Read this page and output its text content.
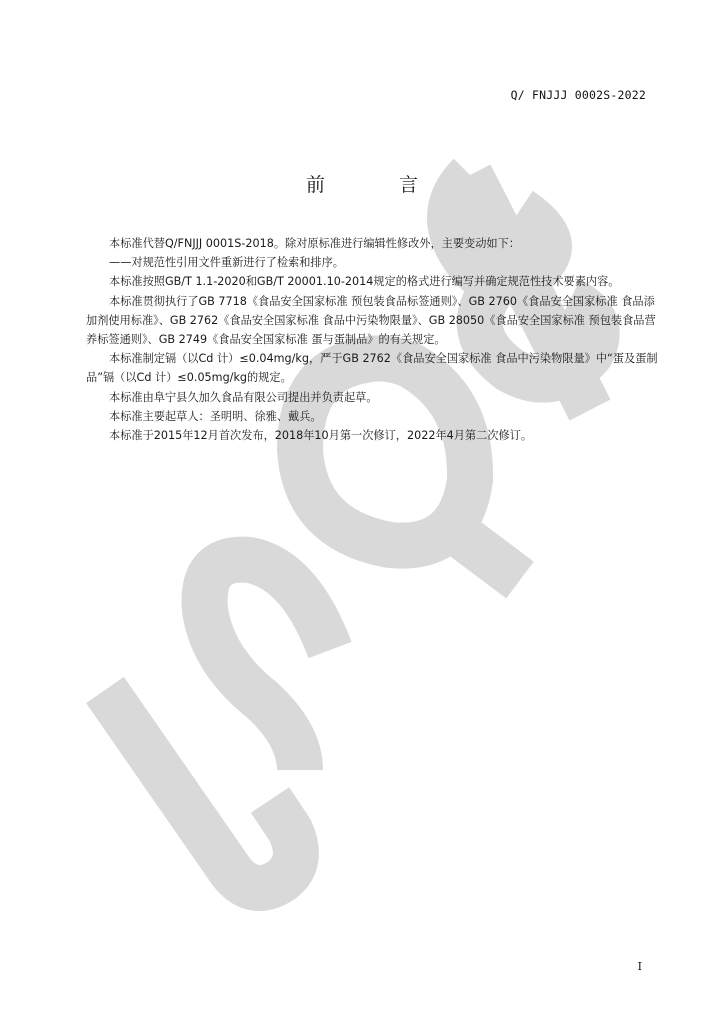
Q/ FNJJJ 0002S-2022
前 言

本标准代替Q/FNJJJ 0001S-2018。除对原标准进行编辑性修改外，主要变动如下：

——对规范性引用文件重新进行了检索和排序。

本标准按照GB/T 1.1-2020和GB/T 20001.10-2014规定的格式进行编写并确定规范性技术要素内容。

本标准贯彻执行了GB 7718《食品安全国家标准 预包装食品标签通则》、GB 2760《食品安全国家标准 食品添加剂使用标准》、GB 2762《食品安全国家标准 食品中污染物限量》、GB 28050《食品安全国家标准 预包装食品营养标签通则》、GB 2749《食品安全国家标准 蛋与蛋制品》的有关规定。

本标准制定镉（以Cd 计）≤0.04mg/kg，严于GB 2762《食品安全国家标准 食品中污染物限量》中“蛋及蛋制品”镉（以Cd 计）≤0.05mg/kg的规定。

本标准由阜宁县久加久食品有限公司提出并负责起草。

本标准主要起草人：圣明明、徐雅、戴兵。

本标准于2015年12月首次发布，2018年10月第一次修订，2022年4月第二次修订。

I
